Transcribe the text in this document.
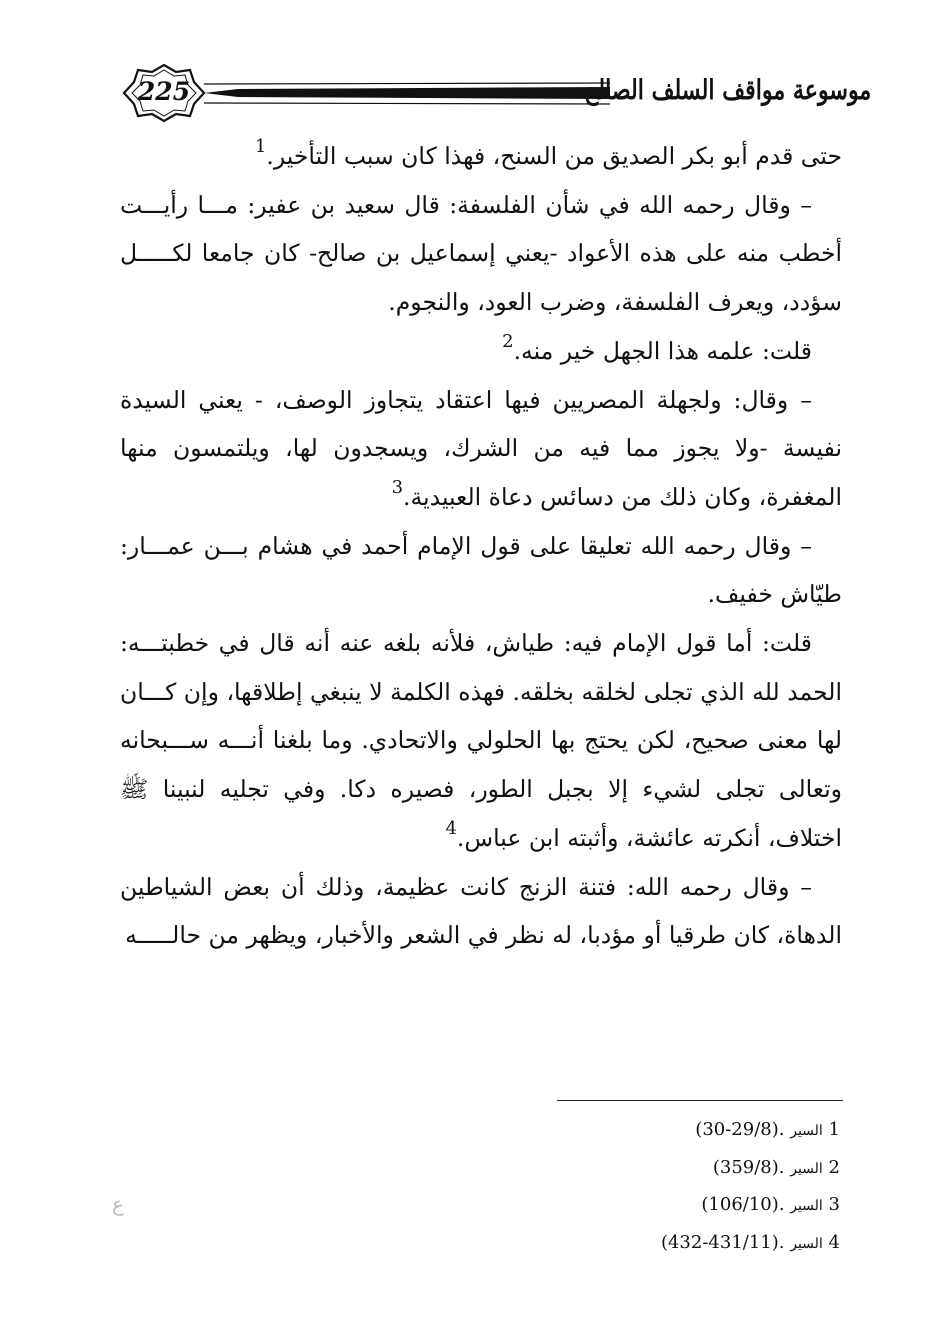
225	موسوعة مواقف السلف الصالح

حتى قدم أبو بكر الصديق من السنح، فهذا كان سبب التأخير.$^1$

– وقال رحمه الله في شأن الفلسفة: قال سعيد بن عفير: مـــا رأيـــت أخطب منه على هذه الأعواد -يعني إسماعيل بن صالح- كان جامعا لكـــــل سؤدد، ويعرف الفلسفة، وضرب العود، والنجوم.

قلت: علمه هذا الجهل خير منه.$^2$

– وقال: ولجهلة المصريين فيها اعتقاد يتجاوز الوصف، - يعني السيدة نفيسة -ولا يجوز مما فيه من الشرك، ويسجدون لها، ويلتمسون منها المغفرة، وكان ذلك من دسائس دعاة العبيدية.$^3$

– وقال رحمه الله تعليقا على قول الإمام أحمد في هشام بـــن عمـــار: طيّاش خفيف.

قلت: أما قول الإمام فيه: طياش، فلأنه بلغه عنه أنه قال في خطبتـــه: الحمد لله الذي تجلى لخلقه بخلقه. فهذه الكلمة لا ينبغي إطلاقها، وإن كـــان لها معنى صحيح، لكن يحتج بها الحلولي والاتحادي. وما بلغنا أنـــه ســـبحانه وتعالى تجلى لشيء إلا بجبل الطور، فصيره دكا. وفي تجليه لنبينا ﷺ اختلاف، أنكرته عائشة، وأثبته ابن عباس.$^4$

– وقال رحمه الله: فتنة الزنج كانت عظيمة، وذلك أن بعض الشياطين الدهاة، كان طرقيا أو مؤدبا، له نظر في الشعر والأخبار، ويظهر من حالـــــه

1 السير (30-29/8).
2 السير (359/8).
3 السير (106/10).
4 السير (432-431/11).
ﻉ
